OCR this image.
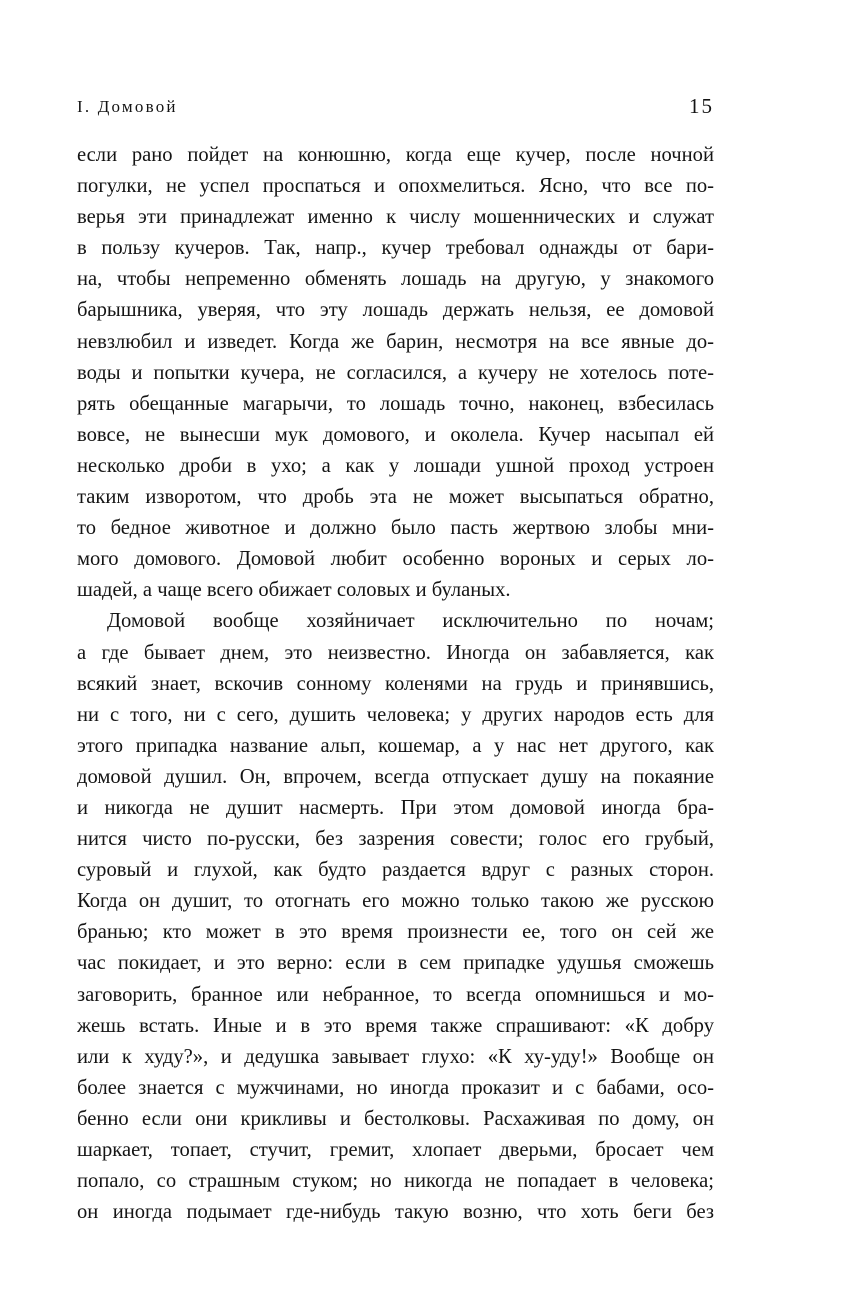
I. Домовой	15
если рано пойдет на конюшню, когда еще кучер, после ночной
погулки, не успел проспаться и опохмелиться. Ясно, что все по-
верья эти принадлежат именно к числу мошеннических и служат
в пользу кучеров. Так, напр., кучер требовал однажды от бари-
на, чтобы непременно обменять лошадь на другую, у знакомого
барышника, уверяя, что эту лошадь держать нельзя, ее домовой
невзлюбил и изведет. Когда же барин, несмотря на все явные до-
воды и попытки кучера, не согласился, а кучеру не хотелось поте-
рять обещанные магарычи, то лошадь точно, наконец, взбесилась
вовсе, не вынесши мук домового, и околела. Кучер насыпал ей
несколько дроби в ухо; а как у лошади ушной проход устроен
таким изворотом, что дробь эта не может высыпаться обратно,
то бедное животное и должно было пасть жертвою злобы мни-
мого домового. Домовой любит особенно вороных и серых ло-
шадей, а чаще всего обижает соловых и буланых.
Домовой вообще хозяйничает исключительно по ночам;
а где бывает днем, это неизвестно. Иногда он забавляется, как
всякий знает, вскочив сонному коленями на грудь и принявшись,
ни с того, ни с сего, душить человека; у других народов есть для
этого припадка название альп, кошемар, а у нас нет другого, как
домовой душил. Он, впрочем, всегда отпускает душу на покаяние
и никогда не душит насмерть. При этом домовой иногда бра-
нится чисто по-русски, без зазрения совести; голос его грубый,
суровый и глухой, как будто раздается вдруг с разных сторон.
Когда он душит, то отогнать его можно только такою же русскою
бранью; кто может в это время произнести ее, того он сей же
час покидает, и это верно: если в сем припадке удушья сможешь
заговорить, бранное или небранное, то всегда опомнишься и мо-
жешь встать. Иные и в это время также спрашивают: «К добру
или к худу?», и дедушка завывает глухо: «К ху-уду!» Вообще он
более знается с мужчинами, но иногда проказит и с бабами, осо-
бенно если они крикливы и бестолковы. Расхаживая по дому, он
шаркает, топает, стучит, гремит, хлопает дверьми, бросает чем
попало, со страшным стуком; но никогда не попадает в человека;
он иногда подымает где-нибудь такую возню, что хоть беги без
